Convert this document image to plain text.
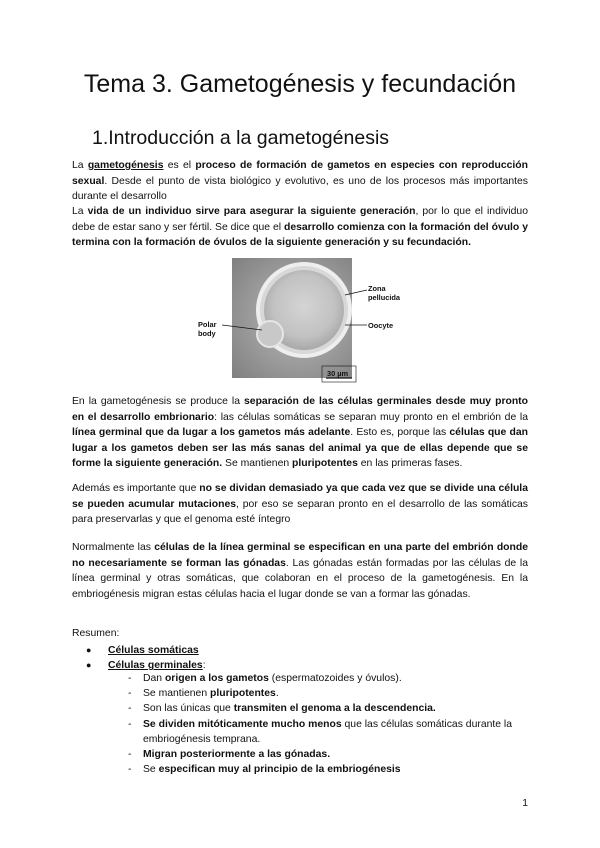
Tema 3. Gametogénesis y fecundación
1.Introducción a la gametogénesis

La gametogénesis es el proceso de formación de gametos en especies con reproducción sexual. Desde el punto de vista biológico y evolutivo, es uno de los procesos más importantes durante el desarrollo

La vida de un individuo sirve para asegurar la siguiente generación, por lo que el individuo debe de estar sano y ser fértil. Se dice que el desarrollo comienza con la formación del óvulo y termina con la formación de óvulos de la siguiente generación y su fecundación.

Zona
pellucida
Oocyte
Polar
body
30 µm

En la gametogénesis se produce la separación de las células germinales desde muy pronto en el desarrollo embrionario: las células somáticas se separan muy pronto en el embrión de la línea germinal que da lugar a los gametos más adelante. Esto es, porque las células que dan lugar a los gametos deben ser las más sanas del animal ya que de ellas depende que se forme la siguiente generación. Se mantienen pluripotentes en las primeras fases.

Además es importante que no se dividan demasiado ya que cada vez que se divide una célula se pueden acumular mutaciones, por eso se separan pronto en el desarrollo de las somáticas para preservarlas y que el genoma esté íntegro

Normalmente las células de la línea germinal se especifican en una parte del embrión donde no necesariamente se forman las gónadas. Las gónadas están formadas por las células de la línea germinal y otras somáticas, que colaboran en el proceso de la gametogénesis. En la embriogénesis migran estas células hacia el lugar donde se van a formar las gónadas.

Resumen:

● Células somáticas
● Células germinales:
- Dan origen a los gametos (espermatozoides y óvulos).
- Se mantienen pluripotentes.
- Son las únicas que transmiten el genoma a la descendencia.
- Se dividen mitóticamente mucho menos que las células somáticas durante la embriogénesis temprana.
- Migran posteriormente a las gónadas.
- Se especifican muy al principio de la embriogénesis
1
